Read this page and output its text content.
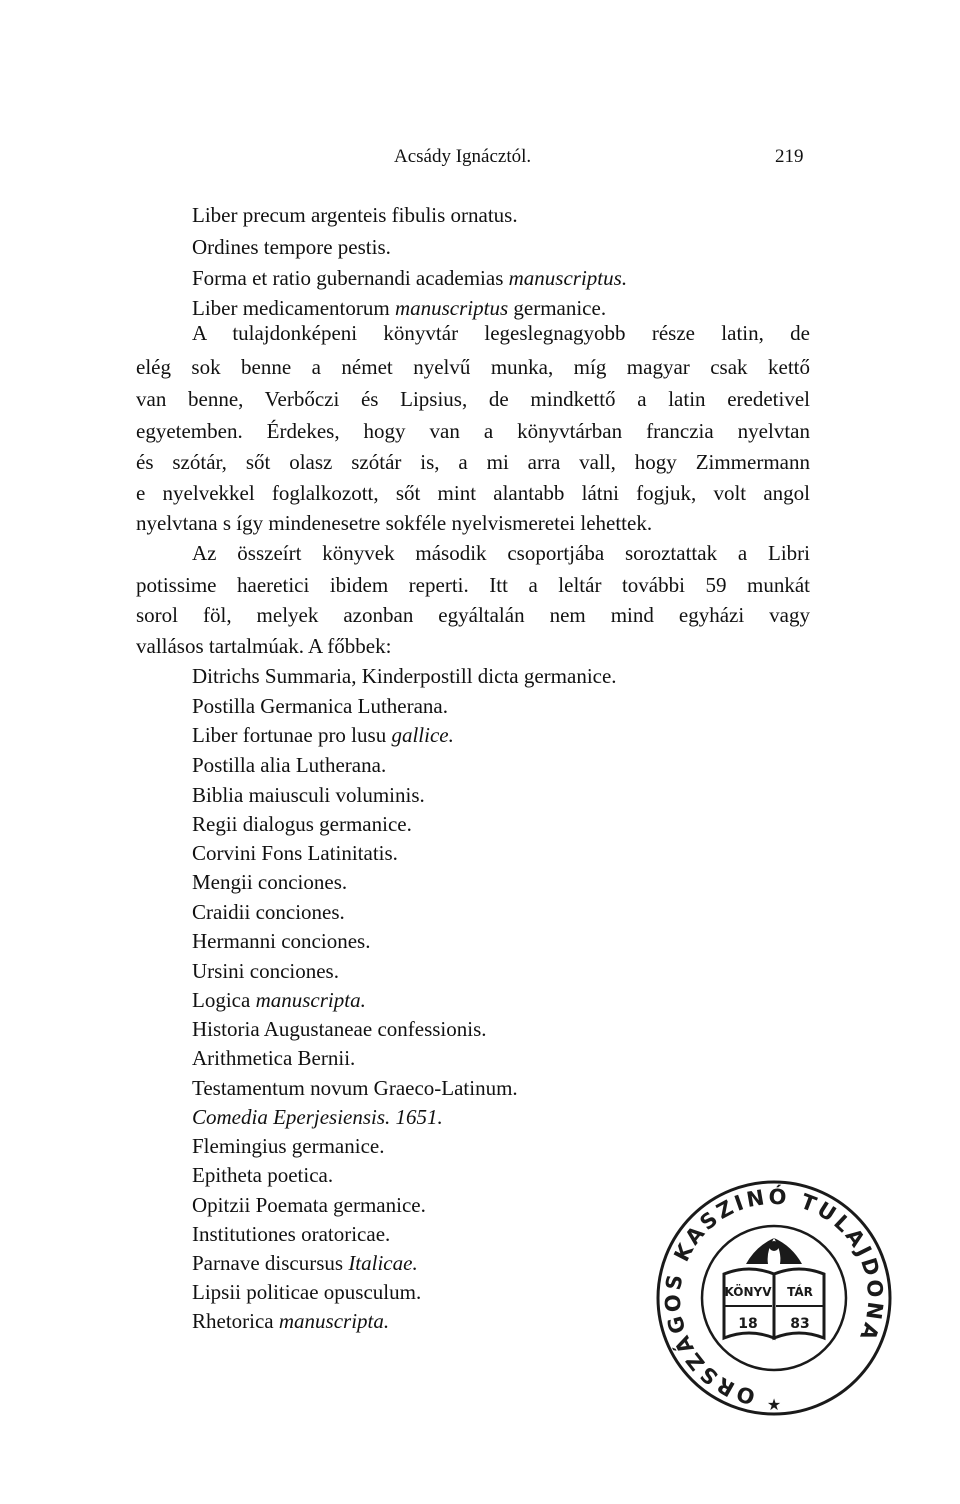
Acsády Ignácztól.	219
Liber precum argenteis fibulis ornatus.
Ordines tempore pestis.
Forma et ratio gubernandi academias manuscriptus.
Liber medicamentorum manuscriptus germanice.
A tulajdonképeni könyvtár legeslegnagyobb része latin, de
elég sok benne a német nyelvű munka, míg magyar csak kettő
van benne, Verbőczi és Lipsius, de mindkettő a latin eredetivel
egyetemben. Érdekes, hogy van a könyvtárban franczia nyelvtan
és szótár, sőt olasz szótár is, a mi arra vall, hogy Zimmermann
e nyelvekkel foglalkozott, sőt mint alantabb látni fogjuk, volt angol
nyelvtana s így mindenesetre sokféle nyelvismeretei lehettek.
Az összeírt könyvek második csoportjába soroztattak a Libri
potissime haeretici ibidem reperti. Itt a leltár további 59 munkát
sorol föl, melyek azonban egyáltalán nem mind egyházi vagy
vallásos tartalmúak. A főbbek:
Ditrichs Summaria, Kinderpostill dicta germanice.
Postilla Germanica Lutherana.
Liber fortunae pro lusu gallice.
Postilla alia Lutherana.
Biblia maiusculi voluminis.
Regii dialogus germanice.
Corvini Fons Latinitatis.
Mengii conciones.
Craidii conciones.
Hermanni conciones.
Ursini conciones.
Logica manuscripta.
Historia Augustaneae confessionis.
Arithmetica Bernii.
Testamentum novum Graeco-Latinum.
Comedia Eperjesiensis. 1651.
Flemingius germanice.
Epitheta poetica.
Opitzii Poemata germanice.
Institutiones oratoricae.
Parnave discursus Italicae.
Lipsii politicae opusculum.
Rhetorica manuscripta.
ORSZÁGOS KASZINÓ TULAJDONA
KÖNYV TÁR
18 83
★
